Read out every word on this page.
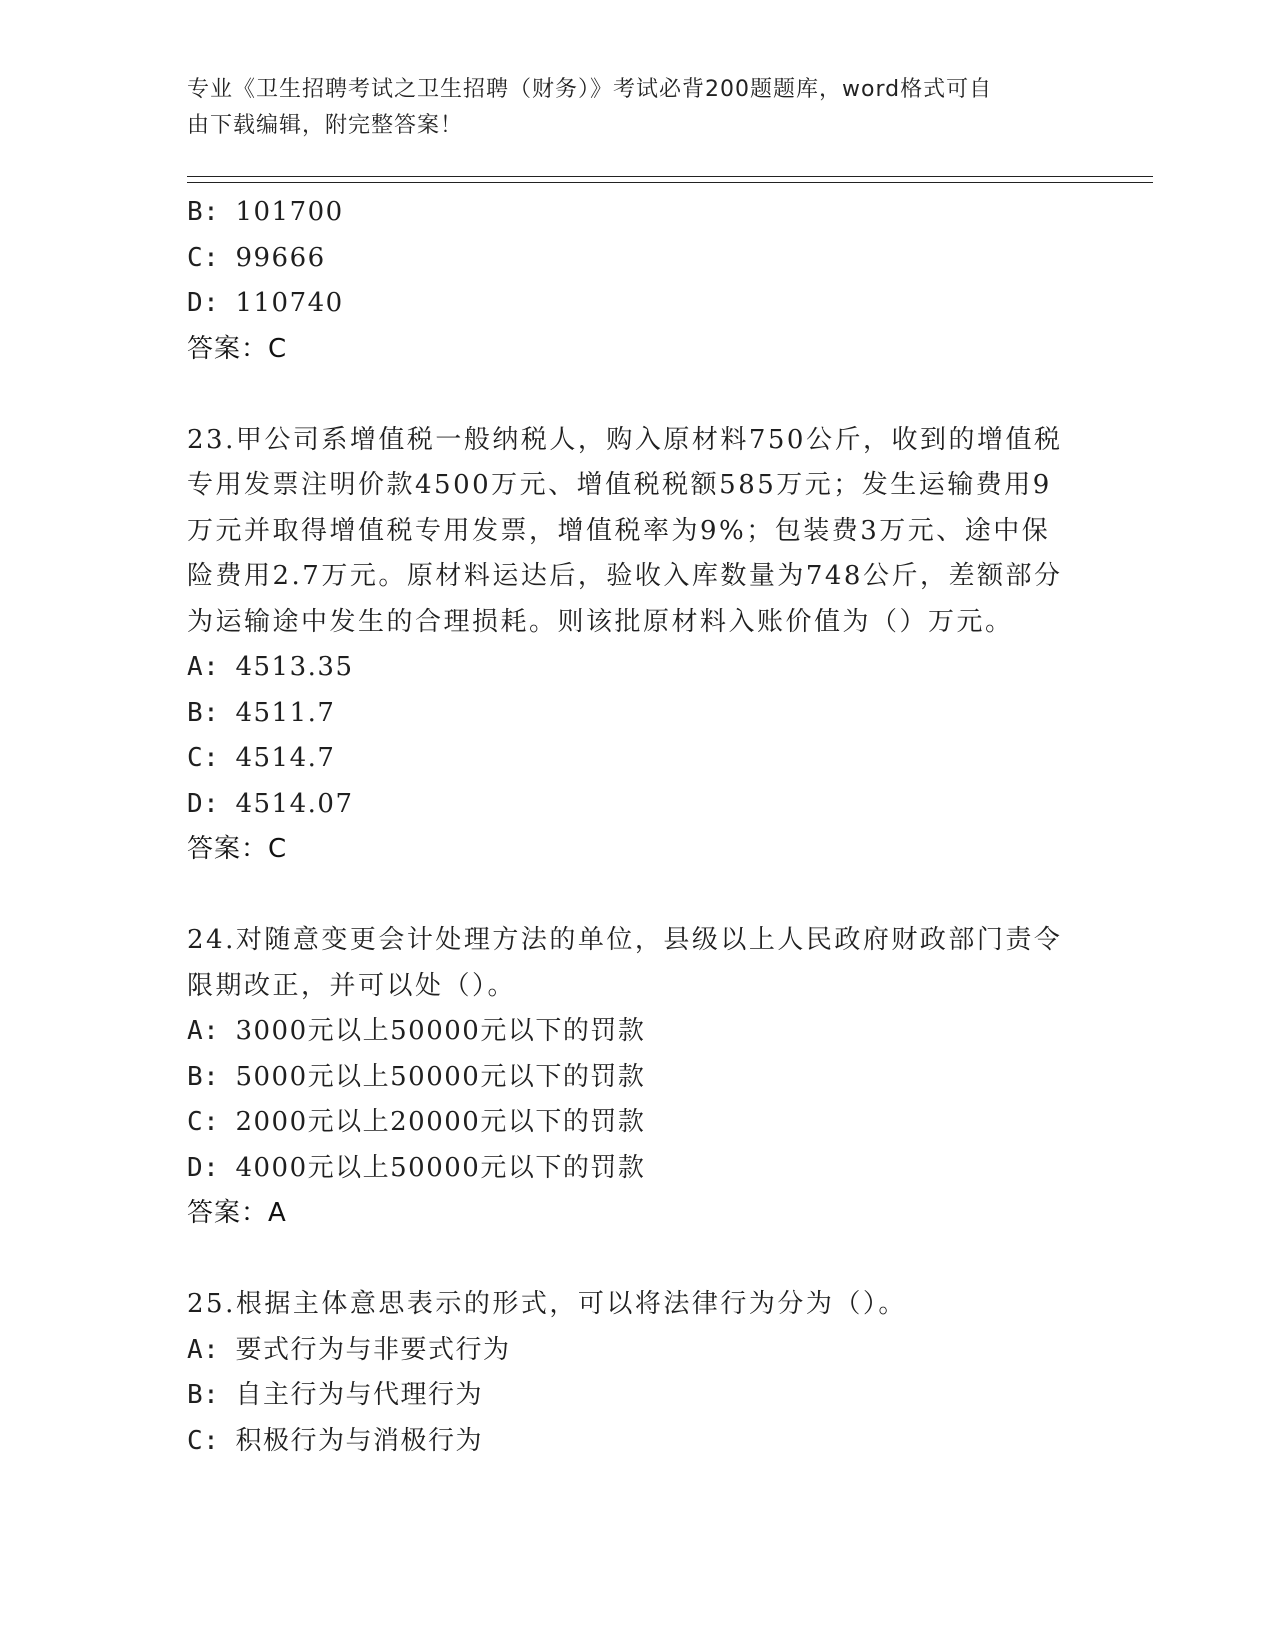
专业《卫生招聘考试之卫生招聘（财务）》考试必背200题题库，word格式可自
由下载编辑，附完整答案！
B: 101700
C: 99666
D: 110740
答案：C
23.甲公司系增值税一般纳税人，购入原材料750公斤，收到的增值税专用发票注明价款4500万元、增值税税额585万元；发生运输费用9万元并取得增值税专用发票，增值税率为9%；包装费3万元、途中保险费用2.7万元。原材料运达后，验收入库数量为748公斤，差额部分为运输途中发生的合理损耗。则该批原材料入账价值为（）万元。
A: 4513.35
B: 4511.7
C: 4514.7
D: 4514.07
答案：C
24.对随意变更会计处理方法的单位，县级以上人民政府财政部门责令限期改正，并可以处（）。
A: 3000元以上50000元以下的罚款
B: 5000元以上50000元以下的罚款
C: 2000元以上20000元以下的罚款
D: 4000元以上50000元以下的罚款
答案：A
25.根据主体意思表示的形式，可以将法律行为分为（）。
A: 要式行为与非要式行为
B: 自主行为与代理行为
C: 积极行为与消极行为
